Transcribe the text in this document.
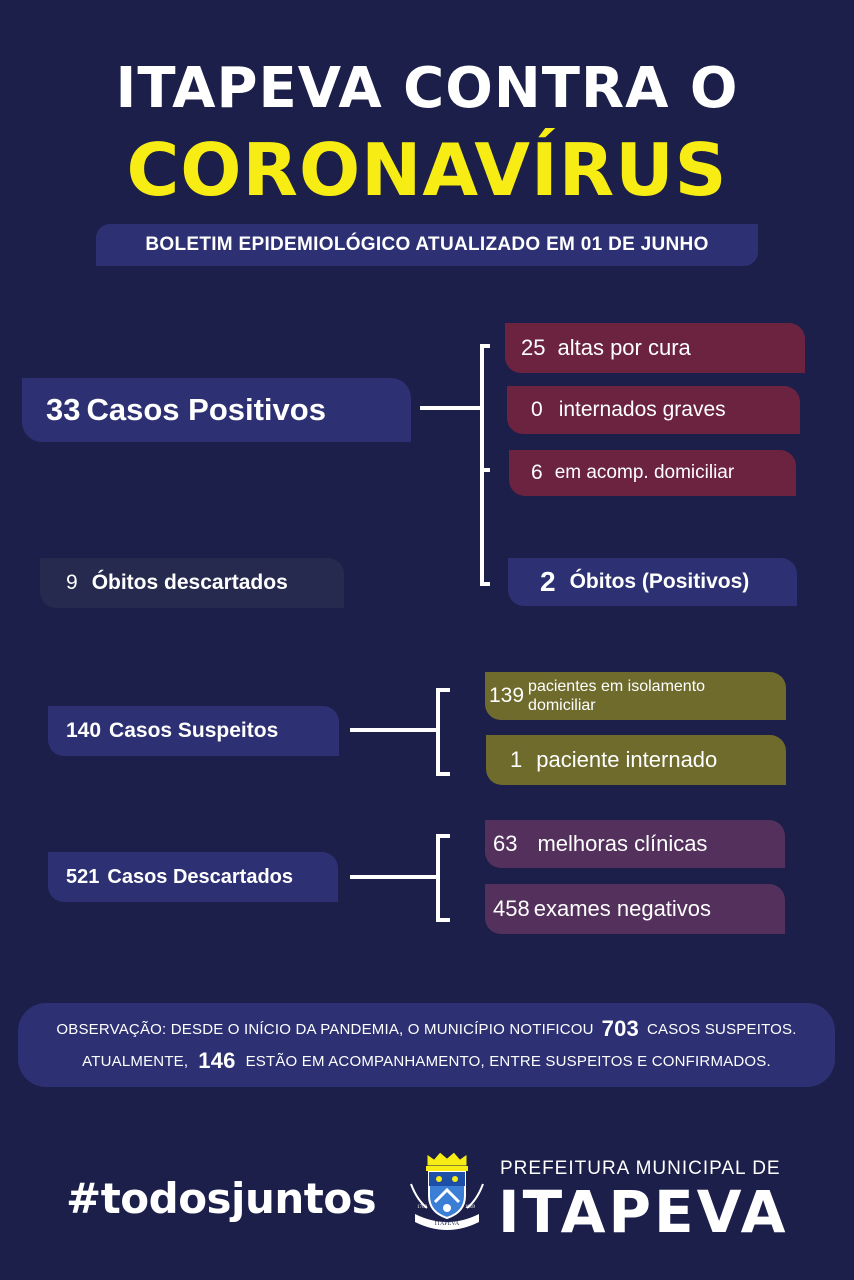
ITAPEVA CONTRA O
CORONAVÍRUS
BOLETIM EPIDEMIOLÓGICO ATUALIZADO EM 01 DE JUNHO
33 Casos Positivos
25 altas por cura
0 internados graves
6 em acomp. domiciliar
2 Óbitos (Positivos)
9 Óbitos descartados
140 Casos Suspeitos
139 pacientes em isolamento
domiciliar
1 paciente internado
521 Casos Descartados
63 melhoras clínicas
458 exames negativos
OBSERVAÇÃO: DESDE O INÍCIO DA PANDEMIA, O MUNICÍPIO NOTIFICOU 703 CASOS SUSPEITOS.
ATUALMENTE, 146 ESTÃO EM ACOMPANHAMENTO, ENTRE SUSPEITOS E CONFIRMADOS.
#todosjuntos
ITAPEVA
1769	1969
PREFEITURA MUNICIPAL DE
ITAPEVA
